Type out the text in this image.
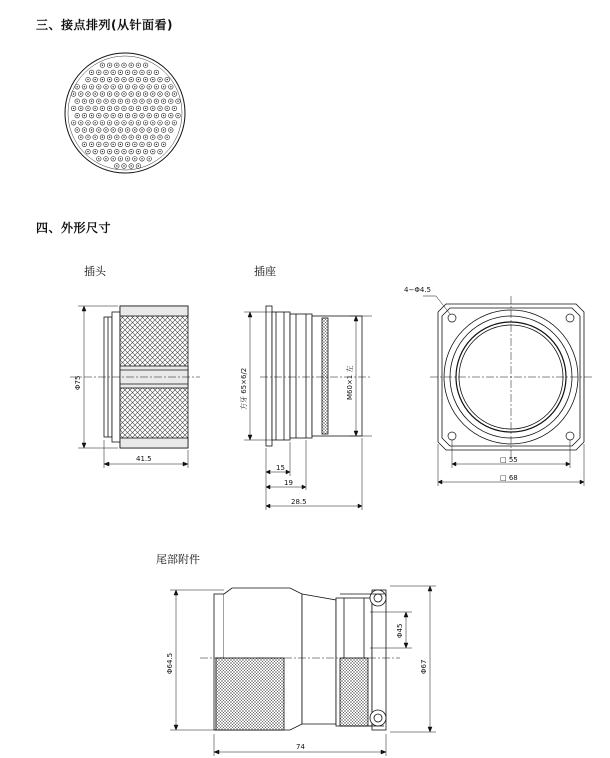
三、接点排列(从针面看)
四、外形尺寸
插头	插座
尾部附件
Φ75
41.5
方牙 65×6/2	M60×1 左
15
19
28.5
4−Φ4.5
□ 55
□ 68
Φ64.5
Φ45
Φ67
74
